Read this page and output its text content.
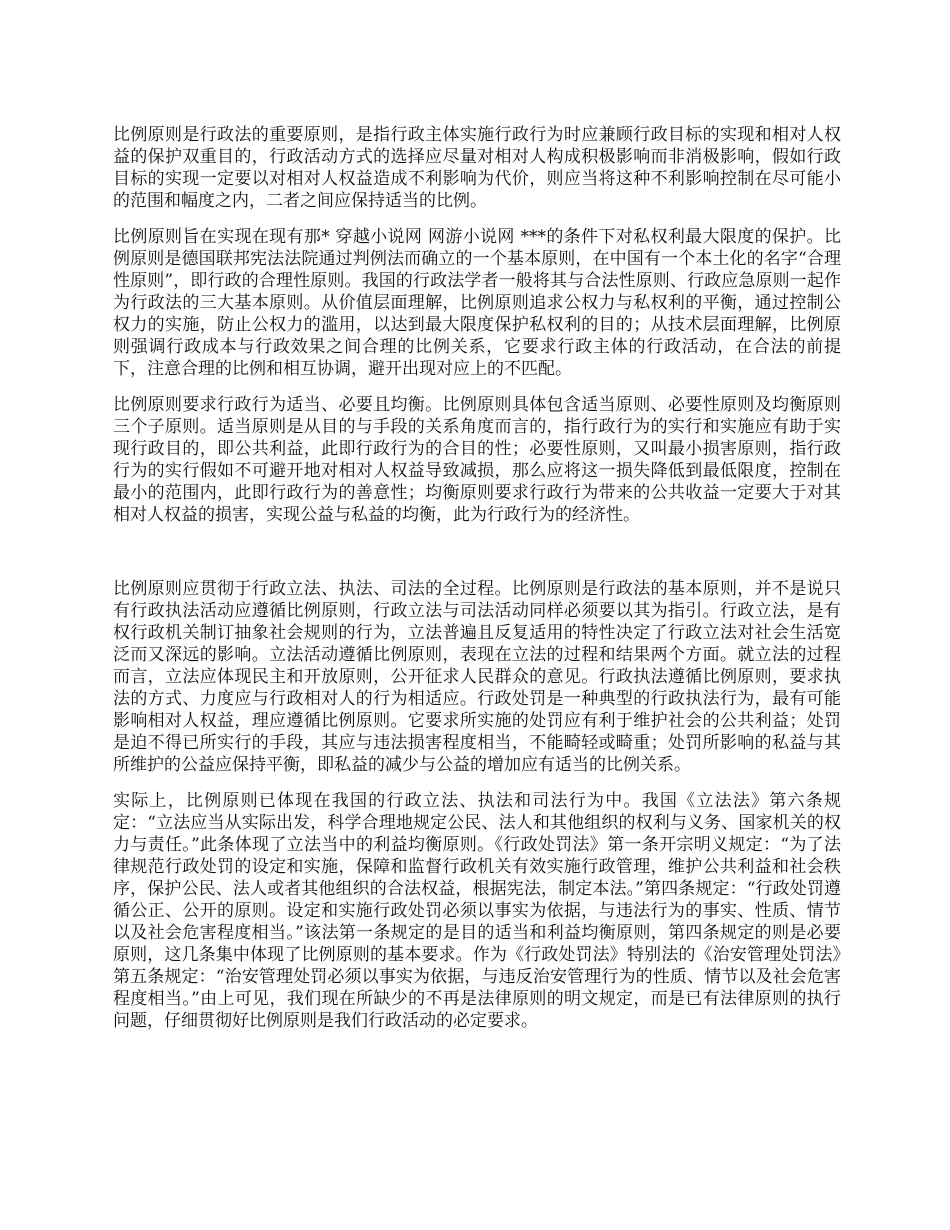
比例原则是行政法的重要原则，是指行政主体实施行政行为时应兼顾行政目标的实现和相对人权益的保护双重目的，行政活动方式的选择应尽量对相对人构成积极影响而非消极影响，假如行政目标的实现一定要以对相对人权益造成不利影响为代价，则应当将这种不利影响控制在尽可能小的范围和幅度之内，二者之间应保持适当的比例。

比例原则旨在实现在现有那* 穿越小说网 网游小说网 ***的条件下对私权利最大限度的保护。比例原则是德国联邦宪法法院通过判例法而确立的一个基本原则，在中国有一个本土化的名字“合理性原则”，即行政的合理性原则。我国的行政法学者一般将其与合法性原则、行政应急原则一起作为行政法的三大基本原则。从价值层面理解，比例原则追求公权力与私权利的平衡，通过控制公权力的实施，防止公权力的滥用，以达到最大限度保护私权利的目的；从技术层面理解，比例原则强调行政成本与行政效果之间合理的比例关系，它要求行政主体的行政活动，在合法的前提下，注意合理的比例和相互协调，避开出现对应上的不匹配。

比例原则要求行政行为适当、必要且均衡。比例原则具体包含适当原则、必要性原则及均衡原则三个子原则。适当原则是从目的与手段的关系角度而言的，指行政行为的实行和实施应有助于实现行政目的，即公共利益，此即行政行为的合目的性；必要性原则，又叫最小损害原则，指行政行为的实行假如不可避开地对相对人权益导致减损，那么应将这一损失降低到最低限度，控制在最小的范围内，此即行政行为的善意性；均衡原则要求行政行为带来的公共收益一定要大于对其相对人权益的损害，实现公益与私益的均衡，此为行政行为的经济性。

比例原则应贯彻于行政立法、执法、司法的全过程。比例原则是行政法的基本原则，并不是说只有行政执法活动应遵循比例原则，行政立法与司法活动同样必须要以其为指引。行政立法，是有权行政机关制订抽象社会规则的行为，立法普遍且反复适用的特性决定了行政立法对社会生活宽泛而又深远的影响。立法活动遵循比例原则，表现在立法的过程和结果两个方面。就立法的过程而言，立法应体现民主和开放原则，公开征求人民群众的意见。行政执法遵循比例原则，要求执法的方式、力度应与行政相对人的行为相适应。行政处罚是一种典型的行政执法行为，最有可能影响相对人权益，理应遵循比例原则。它要求所实施的处罚应有利于维护社会的公共利益；处罚是迫不得已所实行的手段，其应与违法损害程度相当，不能畸轻或畸重；处罚所影响的私益与其所维护的公益应保持平衡，即私益的减少与公益的增加应有适当的比例关系。

实际上，比例原则已体现在我国的行政立法、执法和司法行为中。我国《立法法》第六条规定：“立法应当从实际出发，科学合理地规定公民、法人和其他组织的权利与义务、国家机关的权力与责任。”此条体现了立法当中的利益均衡原则。《行政处罚法》第一条开宗明义规定：“为了法律规范行政处罚的设定和实施，保障和监督行政机关有效实施行政管理，维护公共利益和社会秩序，保护公民、法人或者其他组织的合法权益，根据宪法，制定本法。”第四条规定：“行政处罚遵循公正、公开的原则。设定和实施行政处罚必须以事实为依据，与违法行为的事实、性质、情节以及社会危害程度相当。”该法第一条规定的是目的适当和利益均衡原则，第四条规定的则是必要原则，这几条集中体现了比例原则的基本要求。作为《行政处罚法》特别法的《治安管理处罚法》第五条规定：“治安管理处罚必须以事实为依据，与违反治安管理行为的性质、情节以及社会危害程度相当。”由上可见，我们现在所缺少的不再是法律原则的明文规定，而是已有法律原则的执行问题，仔细贯彻好比例原则是我们行政活动的必定要求。
